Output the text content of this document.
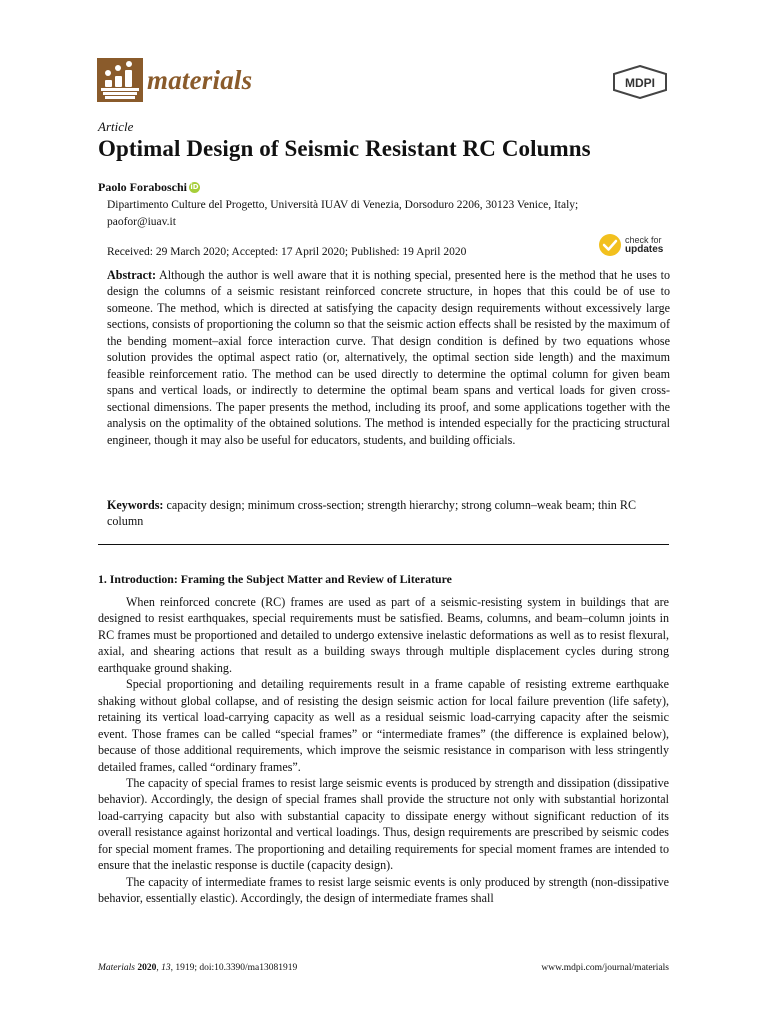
materials	MDPI
Article
Optimal Design of Seismic Resistant RC Columns
Paolo Foraboschi iD
Dipartimento Culture del Progetto, Università IUAV di Venezia, Dorsoduro 2206, 30123 Venice, Italy;
paofor@iuav.it
Received: 29 March 2020; Accepted: 17 April 2020; Published: 19 April 2020
check for
updates

Abstract: Although the author is well aware that it is nothing special, presented here is the method that he uses to design the columns of a seismic resistant reinforced concrete structure, in hopes that this could be of use to someone. The method, which is directed at satisfying the capacity design requirements without excessively large sections, consists of proportioning the column so that the seismic action effects shall be resisted by the maximum of the bending moment–axial force interaction curve. That design condition is defined by two equations whose solution provides the optimal aspect ratio (or, alternatively, the optimal section side length) and the maximum feasible reinforcement ratio. The method can be used directly to determine the optimal column for given beam spans and vertical loads, or indirectly to determine the optimal beam spans and vertical loads for given cross-sectional dimensions. The paper presents the method, including its proof, and some applications together with the analysis on the optimality of the obtained solutions. The method is intended especially for the practicing structural engineer, though it may also be useful for educators, students, and building officials.

Keywords: capacity design; minimum cross-section; strength hierarchy; strong column–weak beam; thin RC column

1. Introduction: Framing the Subject Matter and Review of Literature

When reinforced concrete (RC) frames are used as part of a seismic-resisting system in buildings that are designed to resist earthquakes, special requirements must be satisfied. Beams, columns, and beam–column joints in RC frames must be proportioned and detailed to undergo extensive inelastic deformations as well as to resist flexural, axial, and shearing actions that result as a building sways through multiple displacement cycles during strong earthquake ground shaking.

Special proportioning and detailing requirements result in a frame capable of resisting extreme earthquake shaking without global collapse, and of resisting the design seismic action for local failure prevention (life safety), retaining its vertical load-carrying capacity as well as a residual seismic load-carrying capacity after the seismic event. Those frames can be called “special frames” or “intermediate frames” (the difference is explained below), because of those additional requirements, which improve the seismic resistance in comparison with less stringently detailed frames, called “ordinary frames”.

The capacity of special frames to resist large seismic events is produced by strength and dissipation (dissipative behavior). Accordingly, the design of special frames shall provide the structure not only with substantial horizontal load-carrying capacity but also with substantial capacity to dissipate energy without significant reduction of its overall resistance against horizontal and vertical loadings. Thus, design requirements are prescribed by seismic codes for special moment frames. The proportioning and detailing requirements for special moment frames are intended to ensure that the inelastic response is ductile (capacity design).

The capacity of intermediate frames to resist large seismic events is only produced by strength (non-dissipative behavior, essentially elastic). Accordingly, the design of intermediate frames shall

Materials 2020, 13, 1919; doi:10.3390/ma13081919	www.mdpi.com/journal/materials
